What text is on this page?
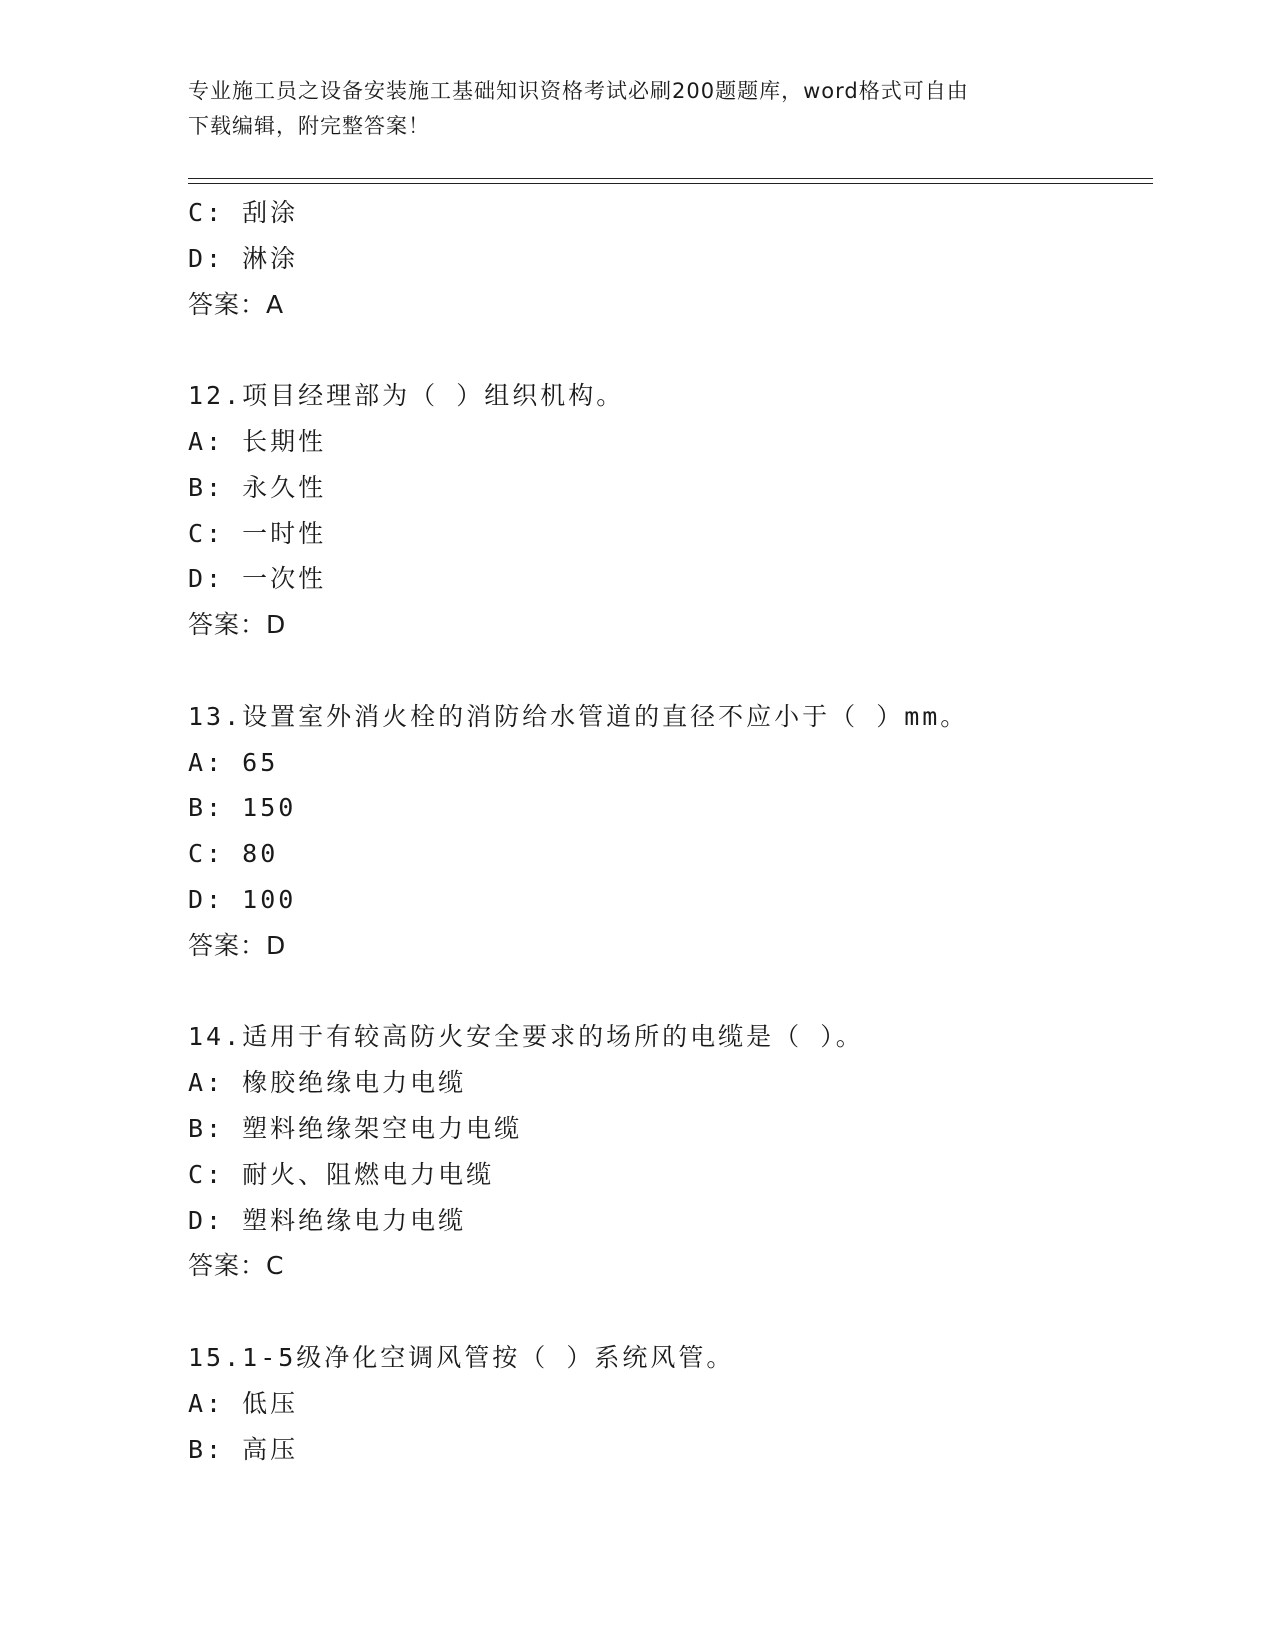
专业施工员之设备安装施工基础知识资格考试必刷200题题库，word格式可自由
下载编辑，附完整答案！
C: 刮涂
D: 淋涂
答案：A
12.项目经理部为（ ）组织机构。
A: 长期性
B: 永久性
C: 一时性
D: 一次性
答案：D
13.设置室外消火栓的消防给水管道的直径不应小于（ ）mm。
A: 65
B: 150
C: 80
D: 100
答案：D
14.适用于有较高防火安全要求的场所的电缆是（ ）。
A: 橡胶绝缘电力电缆
B: 塑料绝缘架空电力电缆
C: 耐火、阻燃电力电缆
D: 塑料绝缘电力电缆
答案：C
15.1-5级净化空调风管按（ ）系统风管。
A: 低压
B: 高压
